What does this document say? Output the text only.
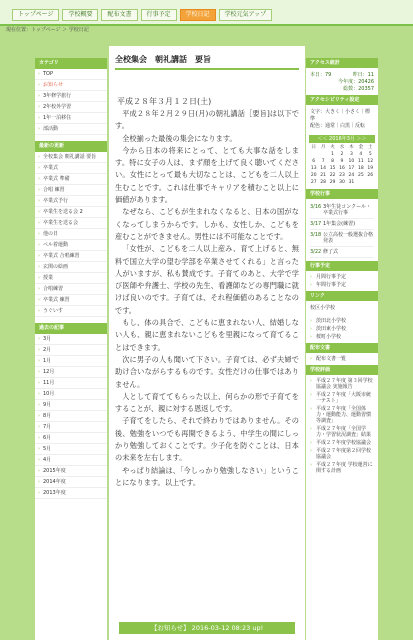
トップページ	学校概要	配布文書	行事予定	学校日記	学校元気アップ
現在位置：トップページ ＞ 学校日記
カテゴリ
› TOP
› お知らせ
› 3年修学旅行
› 2年校外学習
› 1年一泊移住
› 部活動
最新の更新
› 全校集会 朝礼講話 要旨
› 卒業式
› 卒業式 準備
› 合唱 練習
› 卒業式予行
› 卒業生を送る会 2
› 卒業生を送る会
› 他の日
› ペル着運動
› 卒業式 合唱練習
› 玄関の絵画
› 授業
› 合唱練習
› 卒業式 練習
› うぐいす
過去の記事
› 3月
› 2月
› 1月
› 12月
› 11月
› 10月
› 9月
› 8月
› 7月
› 6月
› 5月
› 4月
› 2015年度
› 2014年度
› 2013年度
全校集会　朝礼講話　要旨
平成２８年３月１２日(土)

平成２８年２月２９日(月)の朝礼講話［要旨]は以下です。

全校揃った最後の集会になります。

今から日本の将来にとって、とても大事な話をします。特に女子の人は、まず顔を上げて良く聴いてください。女性にとって最も大切なことは、こどもを二人以上生むことです。これは仕事でキャリアを積むこと以上に価値があります。

なぜなら、こどもが生まれなくなると、日本の国がなくなってしまうからです。しかも、女性しか、こどもを産むことができません。男性には不可能なことです。

「女性が、こどもを二人以上産み、育て上げると、無料で国立大学の望む学部を卒業させてくれる」と言った人がいますが、私も賛成です。子育てのあと、大学で学び医師や弁護士、学校の先生、看護師などの専門職に就けば良いのです。子育ては、それ程価値のあることなのです。

もし、体の具合で、こどもに恵まれない人、結婚しない人も、親に恵まれないこどもを里親になって育てることはできます。

次に男子の人も聞いて下さい。子育ては、必ず夫婦で助け合いながらするものです。女性だけの仕事ではありません。

人として育ててもらった以上、何らかの形で子育てをすることが、親に対する恩返しです。

子育てをしたら、それで終わりではありません。その後、勉強をいつでも再開できるよう、中学生の間にしっかり勉強しておくことです。少子化を防ぐことは、日本の未来を左右します。

やっぱり結論は、「今しっかり勉強しなさい」ということになります。以上です。

【お知らせ】 2016-03-12 08:23 up!
アクセス統計
本日：79	昨日：11
今年度：20426
総数：20357
アクセシビリティ設定
文字：大きく｜小さく｜標準
配色：通常｜白黒｜反転
＜＜ 2016年3月 ＞＞
日	月	火	水	木	金	土
		1	2	3	4	5
6	7	8	9	10	11	12
13	14	15	16	17	18	19
20	21	22	23	24	25	26
27	28	29	30	31		
学校行事
3/16 3年生徒コンクール・卒業式行事
3/17 1年集会(練習)
3/18 公立高校一般選抜合格発表
3/22 修了式
行事予定
› 月間行事予定
› 年間行事予定
リンク
校区小学校
› 茨田北小学校
› 茨田東小学校
› 桜町小学校
配布文書
› 配布文書一覧
学校評価
› 平成２７年度 第３回学校協議会 実施報告
› 平成２７年度「大阪市統一テスト」
› 平成２７年度「全国体力・運動能力、運動習慣等調査」
› 平成２７年度「全国学力・学習状況調査」結果
› 平成２７年度学校協議会
› 平成２７年度第２回学校協議会
› 平成２７年度 学校運営に関する計画
